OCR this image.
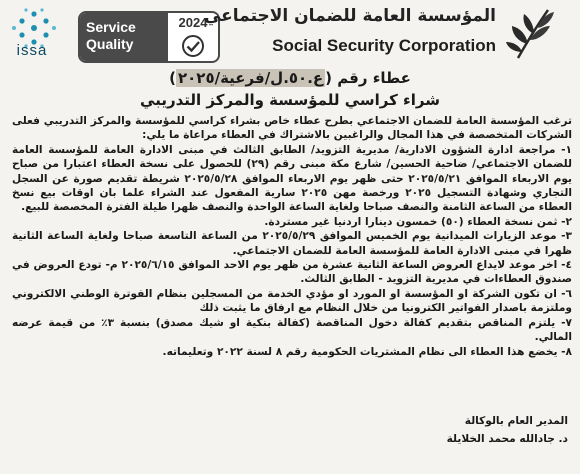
issa
Service
Quality
2024
المؤسسة العامة للضمان الاجتماعي
Social Security Corporation
عطاء رقم (ع.٥٠.ل/فرعية/٢٠٢٥)
شراء كراسي للمؤسسة والمركز التدريبي

ترغب المؤسسة العامة للضمان الاجتماعي بطرح عطاء خاص بشراء كراسي للمؤسسة والمركز التدريبي فعلى الشركات المتخصصة في هذا المجال والراغبين بالاشتراك في العطاء مراعاة ما يلي:

١- مراجعة ادارة الشؤون الادارية/ مديرية التزويد/ الطابق الثالث في مبنى الادارة العامة للمؤسسة العامة للضمان الاجتماعي/ ضاحية الحسين/ شارع مكة مبنى رقم (٢٩) للحصول على نسخة العطاء اعتبارا من صباح يوم الاربعاء الموافق ٢٠٢٥/٥/٢١ حتى ظهر يوم الاربعاء الموافق ٢٠٢٥/٥/٢٨ شريطة تقديم صورة عن السجل التجاري وشهادة التسجيل ٢٠٢٥ ورخصة مهن ٢٠٢٥ سارية المفعول عند الشراء علما بان اوقات بيع نسخ العطاء من الساعة الثامنة والنصف صباحا ولغاية الساعة الواحدة والنصف ظهرا طيلة الفترة المخصصة للبيع.

٢- ثمن نسخة العطاء (٥٠) خمسون دينارا اردنيا غير مستردة.

٣- موعد الزيارات الميدانية يوم الخميس الموافق ٢٠٢٥/٥/٢٩ من الساعة التاسعة صباحا ولغاية الساعة الثانية ظهرا في مبنى الادارة العامة للمؤسسة العامة للضمان الاجتماعي.

٤- اخر موعد لايداع العروض الساعة الثانية عشرة من ظهر يوم الاحد الموافق ٢٠٢٥/٦/١٥ م- تودع العروض في صندوق العطاءات في مديرية التزويد - الطابق الثالث.

٦- ان تكون الشركة او المؤسسة او المورد او مؤدي الخدمة من المسجلين بنظام الفوترة الوطني الالكتروني وملتزمة باصدار الفواتير الكترونيا من خلال النظام مع ارفاق ما يثبت ذلك

٧- يلتزم المناقص بتقديم كفالة دخول المناقصة (كفالة بنكية او شيك مصدق) بنسبة ٣٪ من قيمة عرضه المالي.

٨- يخضع هذا العطاء الى نظام المشتريات الحكومية رقم ٨ لسنة ٢٠٢٢ وتعليماته.

المدير العام بالوكالة
د. جادالله محمد الخلايلة
